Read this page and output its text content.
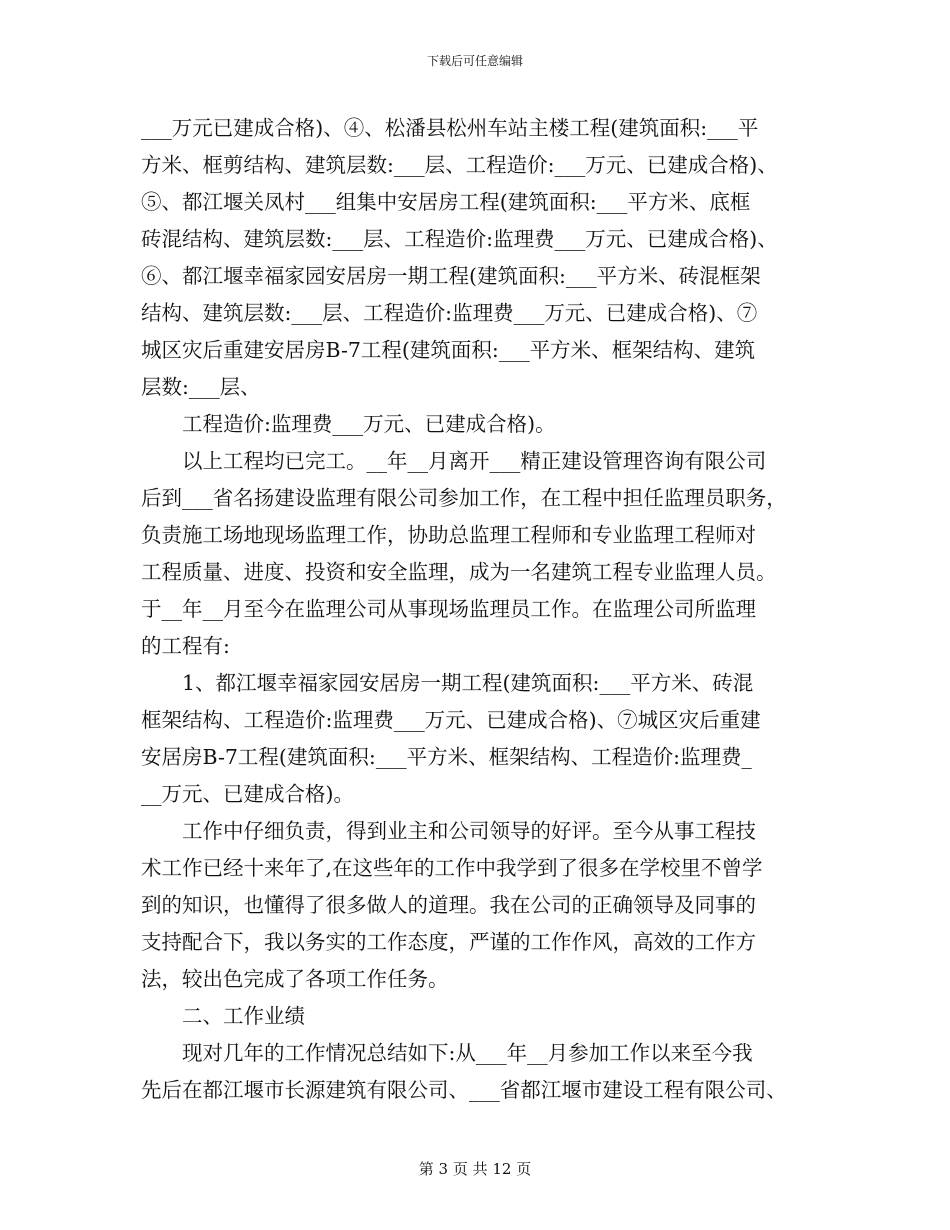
下载后可任意编辑
___万元已建成合格)、④、松潘县松州车站主楼工程(建筑面积:___平
方米、框剪结构、建筑层数:___层、工程造价:___万元、已建成合格)、
⑤、都江堰关凤村___组集中安居房工程(建筑面积:___平方米、底框
砖混结构、建筑层数:___层、工程造价:监理费___万元、已建成合格)、
⑥、都江堰幸福家园安居房一期工程(建筑面积:___平方米、砖混框架
结构、建筑层数:___层、工程造价:监理费___万元、已建成合格)、⑦
城区灾后重建安居房B-7工程(建筑面积:___平方米、框架结构、建筑
层数:___层、
工程造价:监理费___万元、已建成合格)。
以上工程均已完工。__年__月离开___精正建设管理咨询有限公司
后到___省名扬建设监理有限公司参加工作，在工程中担任监理员职务，
负责施工场地现场监理工作，协助总监理工程师和专业监理工程师对
工程质量、进度、投资和安全监理，成为一名建筑工程专业监理人员。
于__年__月至今在监理公司从事现场监理员工作。在监理公司所监理
的工程有:
1、都江堰幸福家园安居房一期工程(建筑面积:___平方米、砖混
框架结构、工程造价:监理费___万元、已建成合格)、⑦城区灾后重建
安居房B-7工程(建筑面积:___平方米、框架结构、工程造价:监理费_
__万元、已建成合格)。
工作中仔细负责，得到业主和公司领导的好评。至今从事工程技
术工作已经十来年了,在这些年的工作中我学到了很多在学校里不曾学
到的知识，也懂得了很多做人的道理。我在公司的正确领导及同事的
支持配合下，我以务实的工作态度，严谨的工作作风，高效的工作方
法，较出色完成了各项工作任务。
二、工作业绩
现对几年的工作情况总结如下:从___年__月参加工作以来至今我
先后在都江堰市长源建筑有限公司、___省都江堰市建设工程有限公司、
第 3 页 共 12 页
